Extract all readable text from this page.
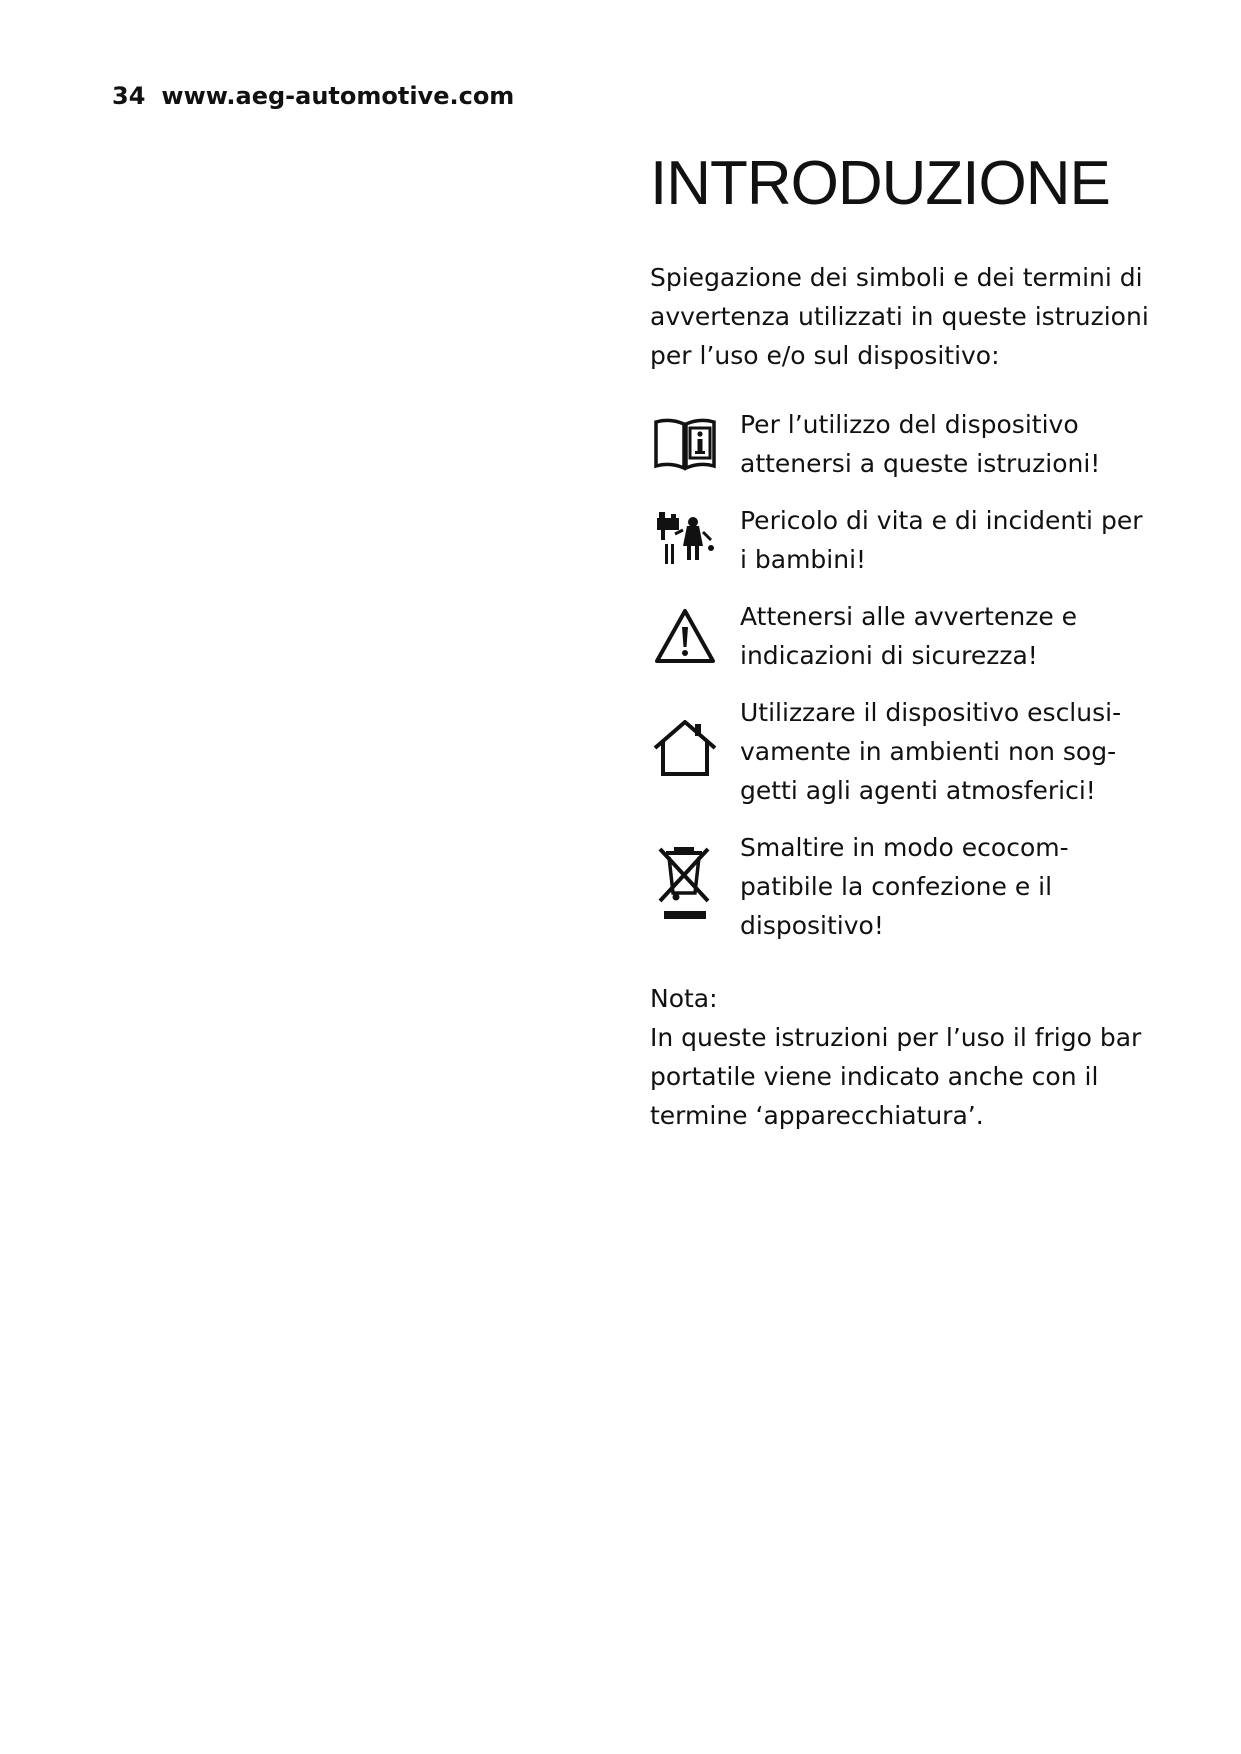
34 www.aeg-automotive.com
INTRODUZIONE

Spiegazione dei simboli e dei termini di avvertenza utilizzati in queste istruzioni per l’uso e/o sul dispositivo:

Per l’utilizzo del dispositivo attenersi a queste istruzioni!

Pericolo di vita e di incidenti per i bambini!

Attenersi alle avvertenze e indicazioni di sicurezza!

Utilizzare il dispositivo esclusi-vamente in ambienti non sog-getti agli agenti atmosferici!

Smaltire in modo ecocom-patibile la confezione e il dispositivo!

Nota:

In queste istruzioni per l’uso il frigo bar portatile viene indicato anche con il termine ‘apparecchiatura’.
